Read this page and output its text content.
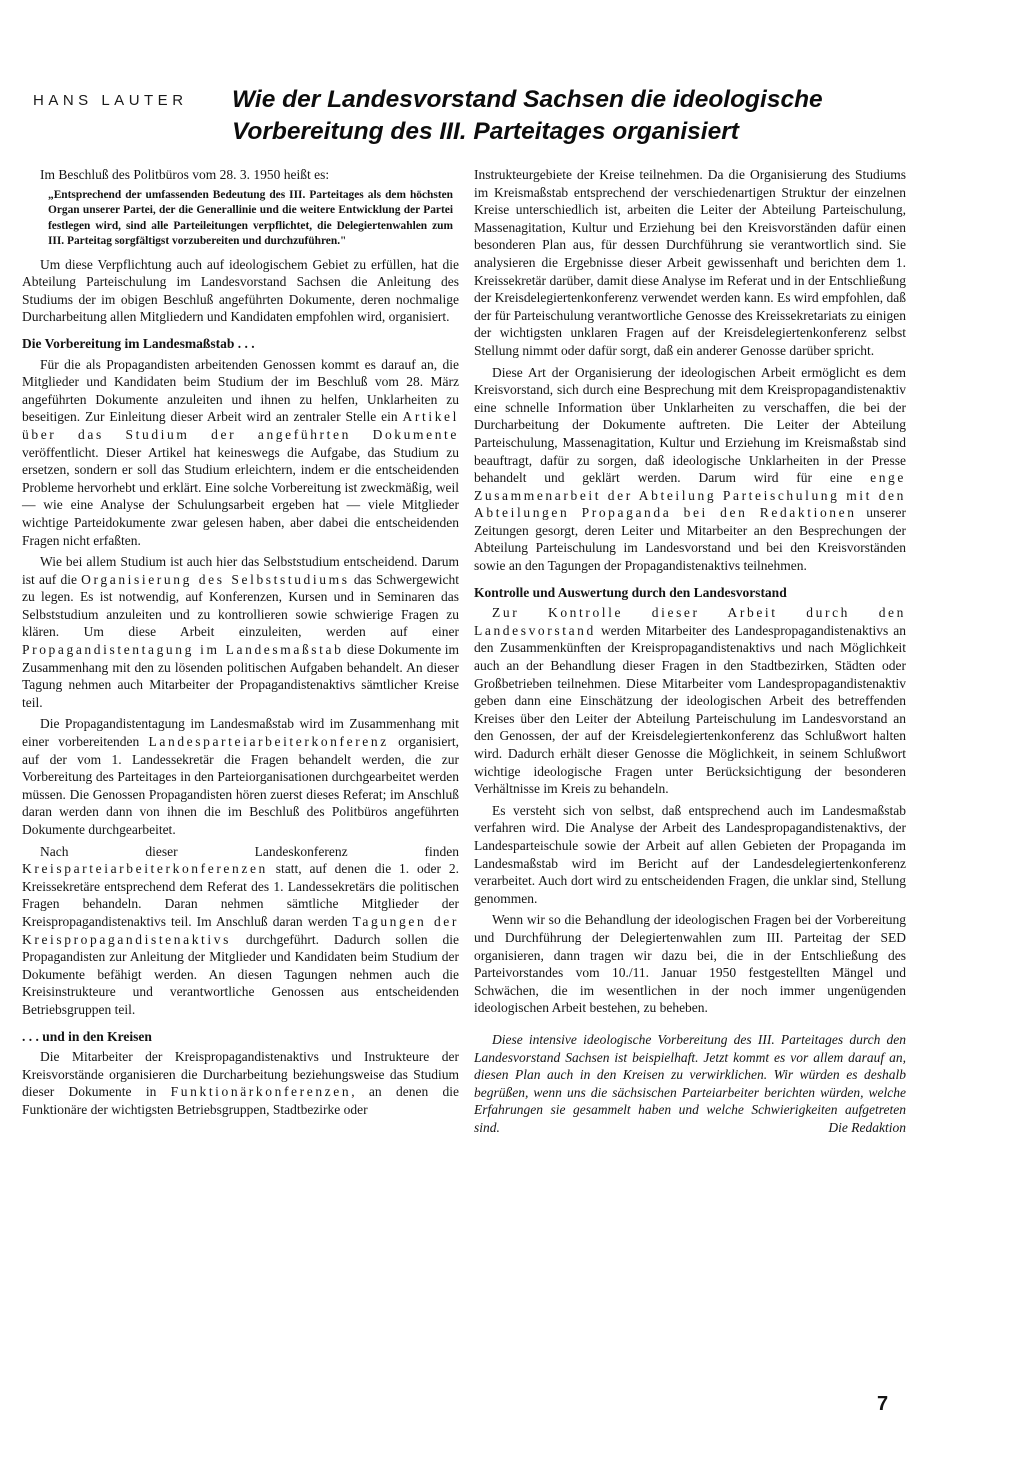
HANS LAUTER Wie der Landesvorstand Sachsen die ideologische
Vorbereitung des III. Parteitages organisiert

Im Beschluß des Politbüros vom 28. 3. 1950 heißt es:

„Entsprechend der umfassenden Bedeutung des III. Parteitages als dem höchsten Organ unserer Partei, der die Generallinie und die weitere Entwicklung der Partei festlegen wird, sind alle Parteileitungen verpflichtet, die Delegiertenwahlen zum III. Parteitag sorgfältigst vorzubereiten und durchzuführen."

Um diese Verpflichtung auch auf ideologischem Gebiet zu erfüllen, hat die Abteilung Parteischulung im Landesvorstand Sachsen die Anleitung des Studiums der im obigen Beschluß angeführten Dokumente, deren nochmalige Durcharbeitung allen Mitgliedern und Kandidaten empfohlen wird, organisiert.

Die Vorbereitung im Landesmaßstab . . .

Für die als Propagandisten arbeitenden Genossen kommt es darauf an, die Mitglieder und Kandidaten beim Studium der im Beschluß vom 28. März angeführten Dokumente anzuleiten und ihnen zu helfen, Unklarheiten zu beseitigen. Zur Einleitung dieser Arbeit wird an zentraler Stelle ein Artikel über das Studium der angeführten Dokumente veröffentlicht. Dieser Artikel hat keineswegs die Aufgabe, das Studium zu ersetzen, sondern er soll das Studium erleichtern, indem er die entscheidenden Probleme hervorhebt und erklärt. Eine solche Vorbereitung ist zweckmäßig, weil — wie eine Analyse der Schulungsarbeit ergeben hat — viele Mitglieder wichtige Parteidokumente zwar gelesen haben, aber dabei die entscheidenden Fragen nicht erfaßten.

Wie bei allem Studium ist auch hier das Selbststudium entscheidend. Darum ist auf die Organisierung des Selbststudiums das Schwergewicht zu legen. Es ist notwendig, auf Konferenzen, Kursen und in Seminaren das Selbststudium anzuleiten und zu kontrollieren sowie schwierige Fragen zu klären. Um diese Arbeit einzuleiten, werden auf einer Propagandistentagung im Landesmaßstab diese Dokumente im Zusammenhang mit den zu lösenden politischen Aufgaben behandelt. An dieser Tagung nehmen auch Mitarbeiter der Propagandistenaktivs sämtlicher Kreise teil.

Die Propagandistentagung im Landesmaßstab wird im Zusammenhang mit einer vorbereitenden Landesparteiarbeiterkonferenz organisiert, auf der vom 1. Landessekretär die Fragen behandelt werden, die zur Vorbereitung des Parteitages in den Parteiorganisationen durchgearbeitet werden müssen. Die Genossen Propagandisten hören zuerst dieses Referat; im Anschluß daran werden dann von ihnen die im Beschluß des Politbüros angeführten Dokumente durchgearbeitet.

Nach dieser Landeskonferenz finden Kreisparteiarbeiterkonferenzen statt, auf denen die 1. oder 2. Kreissekretäre entsprechend dem Referat des 1. Landessekretärs die politischen Fragen behandeln. Daran nehmen sämtliche Mitglieder der Kreispropagandistenaktivs teil. Im Anschluß daran werden Tagungen der Kreispropagandistenaktivs durchgeführt. Dadurch sollen die Propagandisten zur Anleitung der Mitglieder und Kandidaten beim Studium der Dokumente befähigt werden. An diesen Tagungen nehmen auch die Kreisinstrukteure und verantwortliche Genossen aus entscheidenden Betriebsgruppen teil.

. . . und in den Kreisen

Die Mitarbeiter der Kreispropagandistenaktivs und Instrukteure der Kreisvorstände organisieren die Durcharbeitung beziehungsweise das Studium dieser Dokumente in Funktionärkonferenzen, an denen die Funktionäre der wichtigsten Betriebsgruppen, Stadtbezirke oder

Instrukteurgebiete der Kreise teilnehmen. Da die Organisierung des Studiums im Kreismaßstab entsprechend der verschiedenartigen Struktur der einzelnen Kreise unterschiedlich ist, arbeiten die Leiter der Abteilung Parteischulung, Massenagitation, Kultur und Erziehung bei den Kreisvorständen dafür einen besonderen Plan aus, für dessen Durchführung sie verantwortlich sind. Sie analysieren die Ergebnisse dieser Arbeit gewissenhaft und berichten dem 1. Kreissekretär darüber, damit diese Analyse im Referat und in der Entschließung der Kreisdelegiertenkonferenz verwendet werden kann. Es wird empfohlen, daß der für Parteischulung verantwortliche Genosse des Kreissekretariats zu einigen der wichtigsten unklaren Fragen auf der Kreisdelegiertenkonferenz selbst Stellung nimmt oder dafür sorgt, daß ein anderer Genosse darüber spricht.

Diese Art der Organisierung der ideologischen Arbeit ermöglicht es dem Kreisvorstand, sich durch eine Besprechung mit dem Kreispropagandistenaktiv eine schnelle Information über Unklarheiten zu verschaffen, die bei der Durcharbeitung der Dokumente auftreten. Die Leiter der Abteilung Parteischulung, Massenagitation, Kultur und Erziehung im Kreismaßstab sind beauftragt, dafür zu sorgen, daß ideologische Unklarheiten in der Presse behandelt und geklärt werden. Darum wird für eine enge Zusammenarbeit der Abteilung Parteischulung mit den Abteilungen Propaganda bei den Redaktionen unserer Zeitungen gesorgt, deren Leiter und Mitarbeiter an den Besprechungen der Abteilung Parteischulung im Landesvorstand und bei den Kreisvorständen sowie an den Tagungen der Propagandistenaktivs teilnehmen.

Kontrolle und Auswertung durch den Landesvorstand

Zur Kontrolle dieser Arbeit durch den Landesvorstand werden Mitarbeiter des Landespropagandistenaktivs an den Zusammenkünften der Kreispropagandistenaktivs und nach Möglichkeit auch an der Behandlung dieser Fragen in den Stadtbezirken, Städten oder Großbetrieben teilnehmen. Diese Mitarbeiter vom Landespropagandistenaktiv geben dann eine Einschätzung der ideologischen Arbeit des betreffenden Kreises über den Leiter der Abteilung Parteischulung im Landesvorstand an den Genossen, der auf der Kreisdelegiertenkonferenz das Schlußwort halten wird. Dadurch erhält dieser Genosse die Möglichkeit, in seinem Schlußwort wichtige ideologische Fragen unter Berücksichtigung der besonderen Verhältnisse im Kreis zu behandeln.

Es versteht sich von selbst, daß entsprechend auch im Landesmaßstab verfahren wird. Die Analyse der Arbeit des Landespropagandistenaktivs, der Landesparteischule sowie der Arbeit auf allen Gebieten der Propaganda im Landesmaßstab wird im Bericht auf der Landesdelegiertenkonferenz verarbeitet. Auch dort wird zu entscheidenden Fragen, die unklar sind, Stellung genommen.

Wenn wir so die Behandlung der ideologischen Fragen bei der Vorbereitung und Durchführung der Delegiertenwahlen zum III. Parteitag der SED organisieren, dann tragen wir dazu bei, die in der Entschließung des Parteivorstandes vom 10./11. Januar 1950 festgestellten Mängel und Schwächen, die im wesentlichen in der noch immer ungenügenden ideologischen Arbeit bestehen, zu beheben.

Diese intensive ideologische Vorbereitung des III. Parteitages durch den Landesvorstand Sachsen ist beispielhaft. Jetzt kommt es vor allem darauf an, diesen Plan auch in den Kreisen zu verwirklichen. Wir würden es deshalb begrüßen, wenn uns die sächsischen Parteiarbeiter berichten würden, welche Erfahrungen sie gesammelt haben und welche Schwierigkeiten aufgetreten sind.	Die Redaktion

7
